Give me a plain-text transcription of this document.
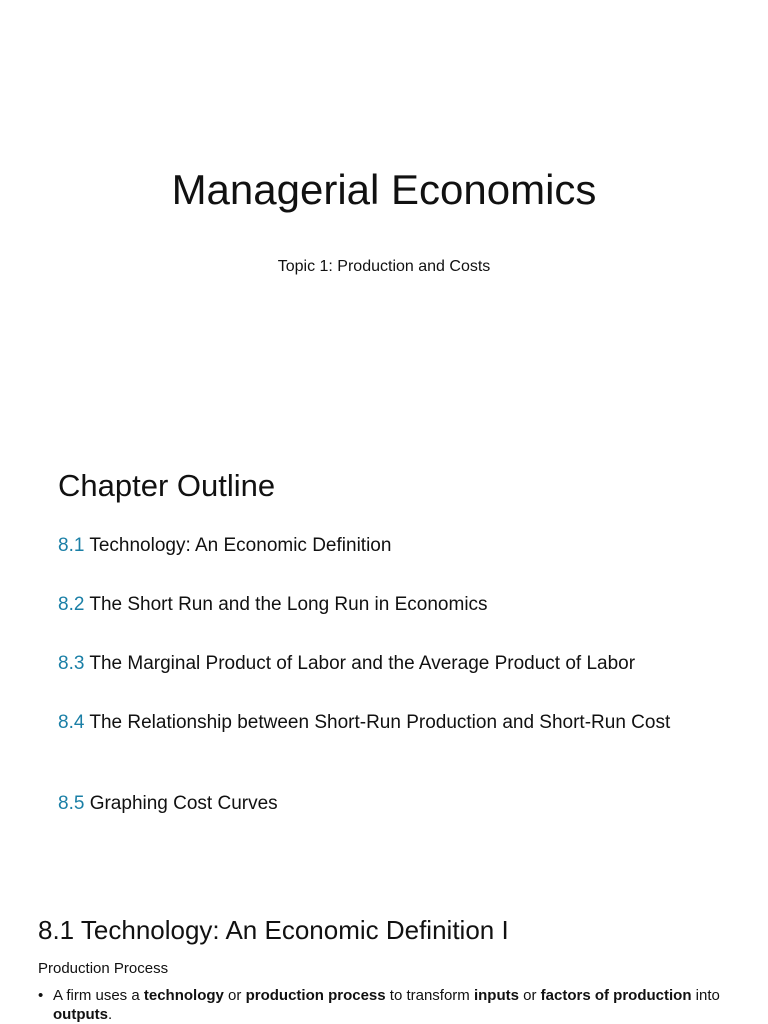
Managerial Economics

Topic 1: Production and Costs

Chapter Outline
8.1 Technology: An Economic Definition
8.2 The Short Run and the Long Run in Economics
8.3 The Marginal Product of Labor and the Average Product of Labor
8.4 The Relationship between Short-Run Production and Short-Run Cost
8.5 Graphing Cost Curves
8.1 Technology: An Economic Definition I

Production Process

• A firm uses a technology or production process to transform inputs or factors of production into outputs.
